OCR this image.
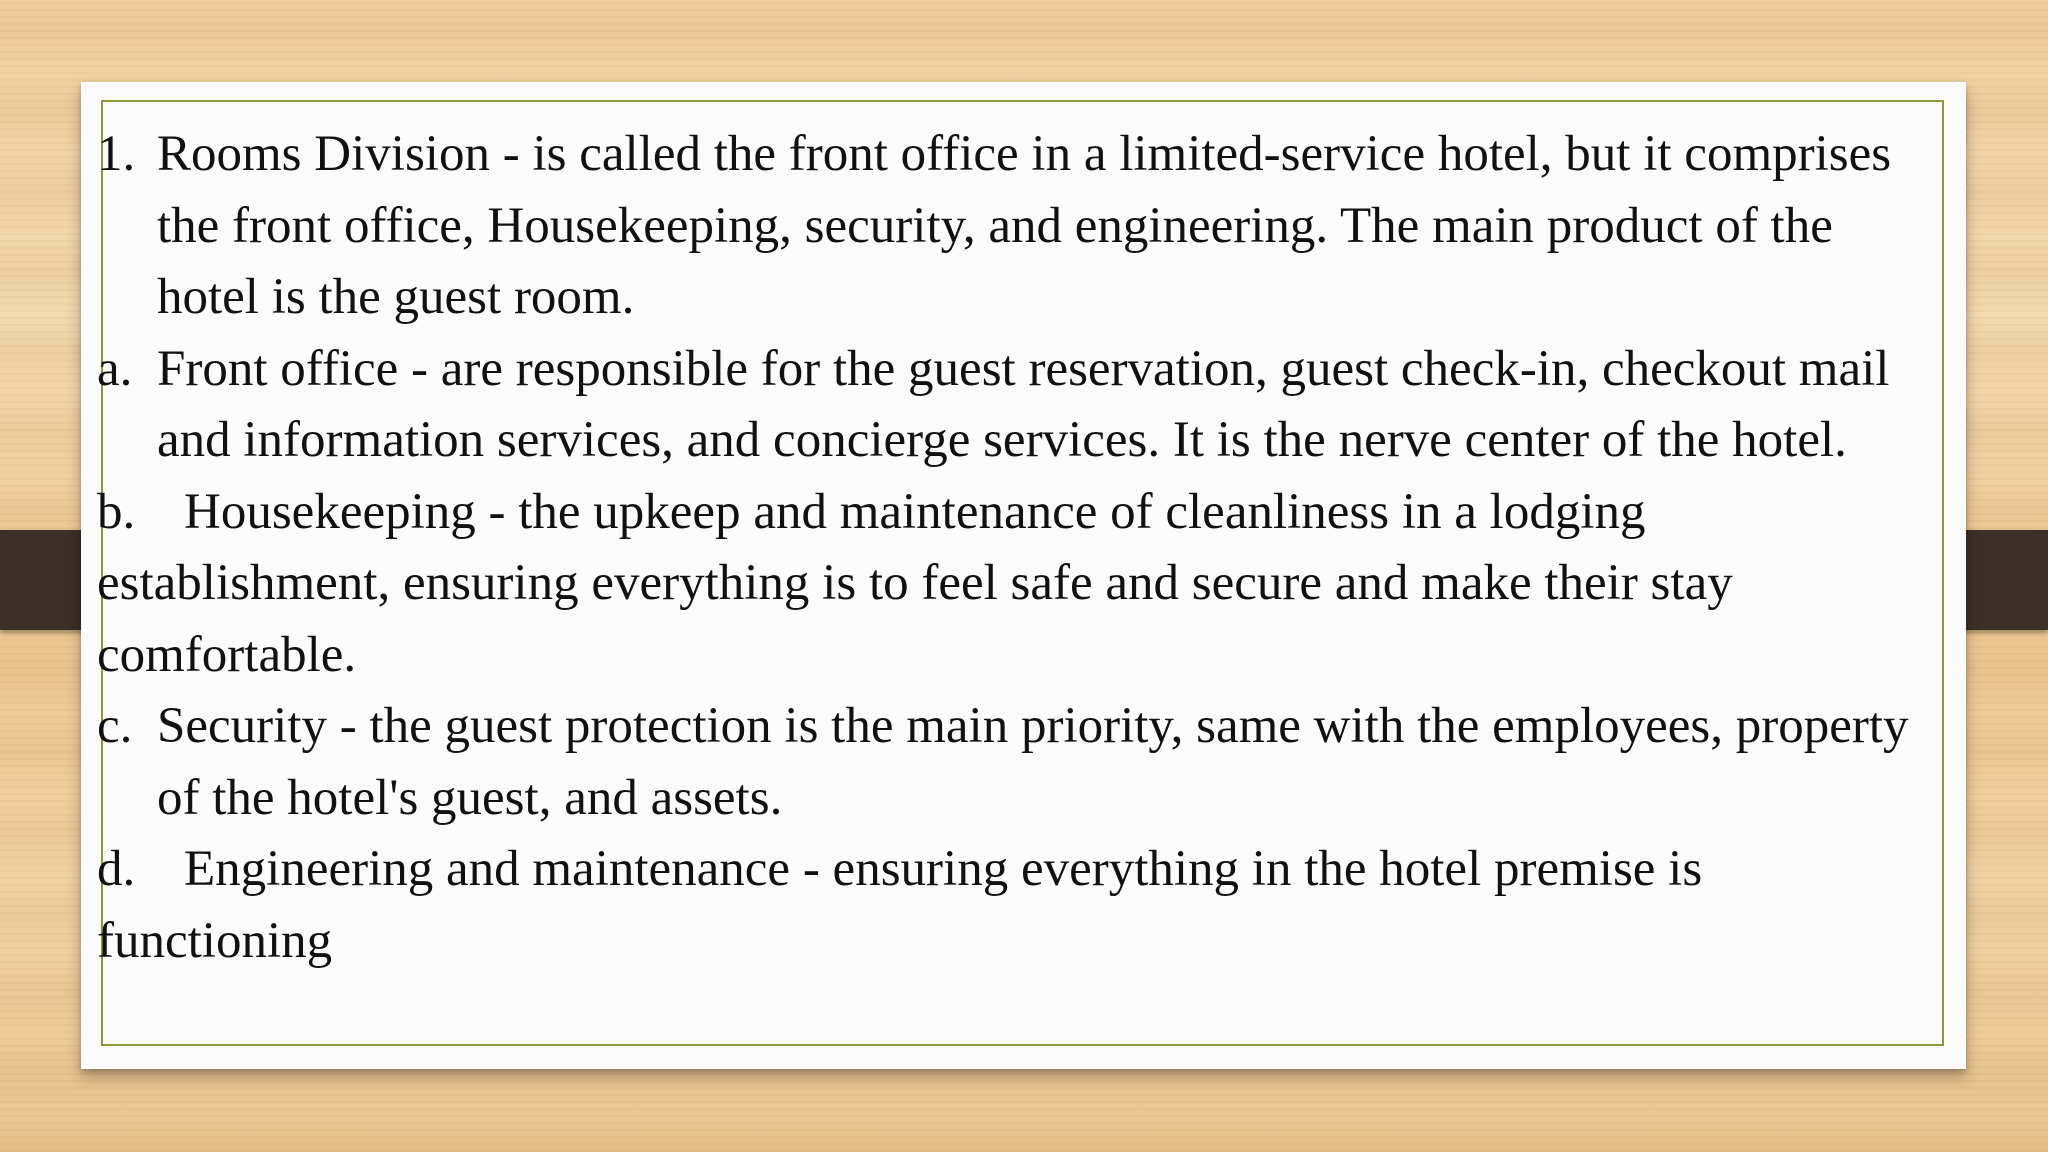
1. Rooms Division - is called the front office in a limited-service hotel, but it comprises the front office, Housekeeping, security, and engineering. The main product of the hotel is the guest room.
a. Front office - are responsible for the guest reservation, guest check-in, checkout mail and information services, and concierge services. It is the nerve center of the hotel.
b. Housekeeping - the upkeep and maintenance of cleanliness in a lodging establishment, ensuring everything is to feel safe and secure and make their stay comfortable.
c. Security - the guest protection is the main priority, same with the employees, property of the hotel's guest, and assets.
d. Engineering and maintenance - ensuring everything in the hotel premise is functioning
